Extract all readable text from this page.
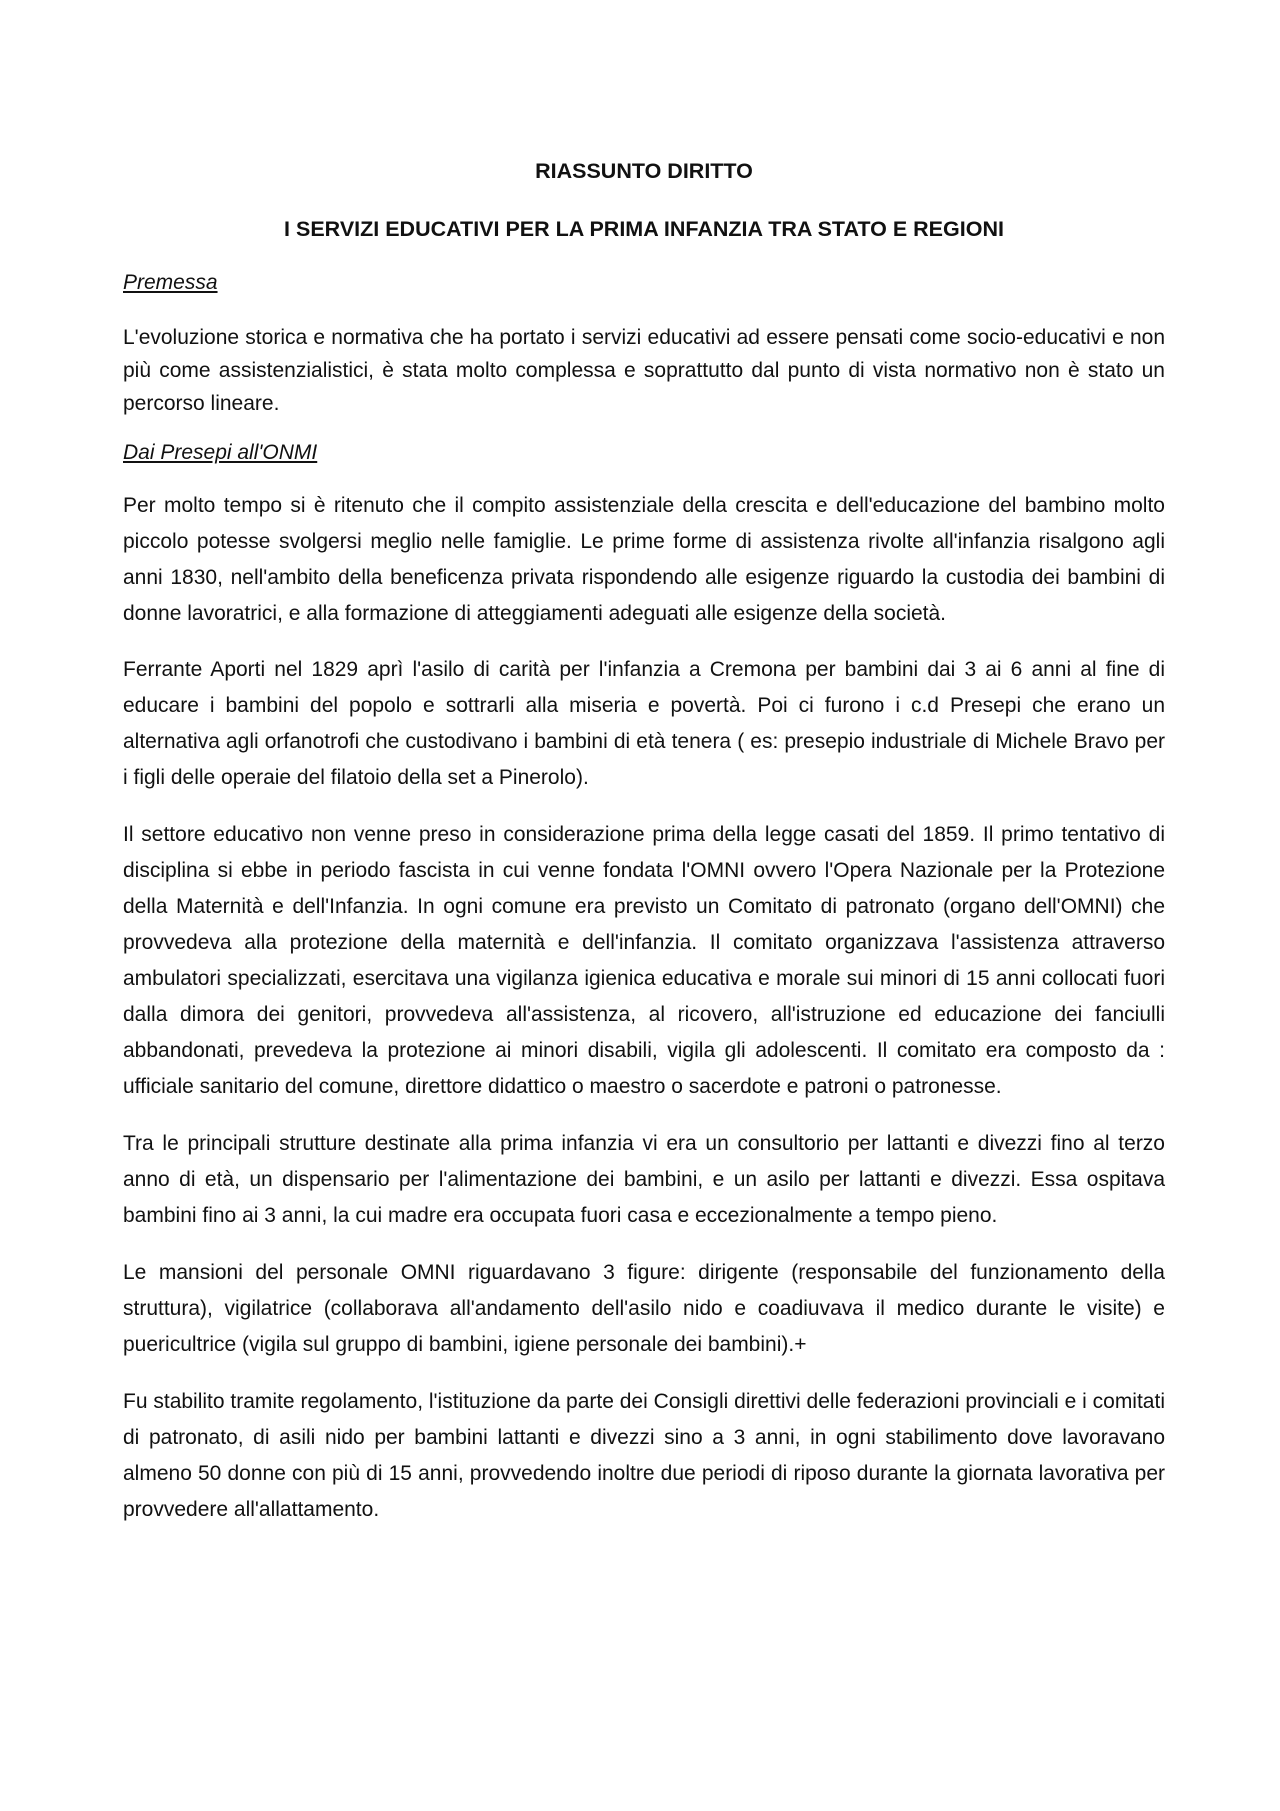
RIASSUNTO DIRITTO

I SERVIZI EDUCATIVI PER LA PRIMA INFANZIA TRA STATO E REGIONI

Premessa

L'evoluzione storica e normativa che ha portato i servizi educativi ad essere pensati come socio-educativi e non più come assistenzialistici, è stata molto complessa e soprattutto dal punto di vista normativo non è stato un percorso lineare.

Dai Presepi all'ONMI

Per molto tempo si è ritenuto che il compito assistenziale della crescita e dell'educazione del bambino molto piccolo potesse svolgersi meglio nelle famiglie. Le prime forme di assistenza rivolte all'infanzia risalgono agli anni 1830, nell'ambito della beneficenza privata rispondendo alle esigenze riguardo la custodia dei bambini di donne lavoratrici, e alla formazione di atteggiamenti adeguati alle esigenze della società.

Ferrante Aporti nel 1829 aprì l'asilo di carità per l'infanzia a Cremona per bambini dai 3 ai 6 anni al fine di educare i bambini del popolo e sottrarli alla miseria e povertà. Poi ci furono i c.d Presepi che erano un alternativa agli orfanotrofi che custodivano i bambini di età tenera ( es: presepio industriale di Michele Bravo per i figli delle operaie del filatoio della set a Pinerolo).

Il settore educativo non venne preso in considerazione prima della legge casati del 1859. Il primo tentativo di disciplina si ebbe in periodo fascista in cui venne fondata l'OMNI ovvero l'Opera Nazionale per la Protezione della Maternità e dell'Infanzia. In ogni comune era previsto un Comitato di patronato (organo dell'OMNI) che provvedeva alla protezione della maternità e dell'infanzia. Il comitato organizzava l'assistenza attraverso ambulatori specializzati, esercitava una vigilanza igienica educativa e morale sui minori di 15 anni collocati fuori dalla dimora dei genitori, provvedeva all'assistenza, al ricovero, all'istruzione ed educazione dei fanciulli abbandonati, prevedeva la protezione ai minori disabili, vigila gli adolescenti. Il comitato era composto da : ufficiale sanitario del comune, direttore didattico o maestro o sacerdote e patroni o patronesse.

Tra le principali strutture destinate alla prima infanzia vi era un consultorio per lattanti e divezzi fino al terzo anno di età, un dispensario per l'alimentazione dei bambini, e un asilo per lattanti e divezzi. Essa ospitava bambini fino ai 3 anni, la cui madre era occupata fuori casa e eccezionalmente a tempo pieno.

Le mansioni del personale OMNI riguardavano 3 figure: dirigente (responsabile del funzionamento della struttura), vigilatrice (collaborava all'andamento dell'asilo nido e coadiuvava il medico durante le visite) e puericultrice (vigila sul gruppo di bambini, igiene personale dei bambini).+

Fu stabilito tramite regolamento, l'istituzione da parte dei Consigli direttivi delle federazioni provinciali e i comitati di patronato, di asili nido per bambini lattanti e divezzi sino a 3 anni, in ogni stabilimento dove lavoravano almeno 50 donne con più di 15 anni, provvedendo inoltre due periodi di riposo durante la giornata lavorativa per provvedere all'allattamento.
